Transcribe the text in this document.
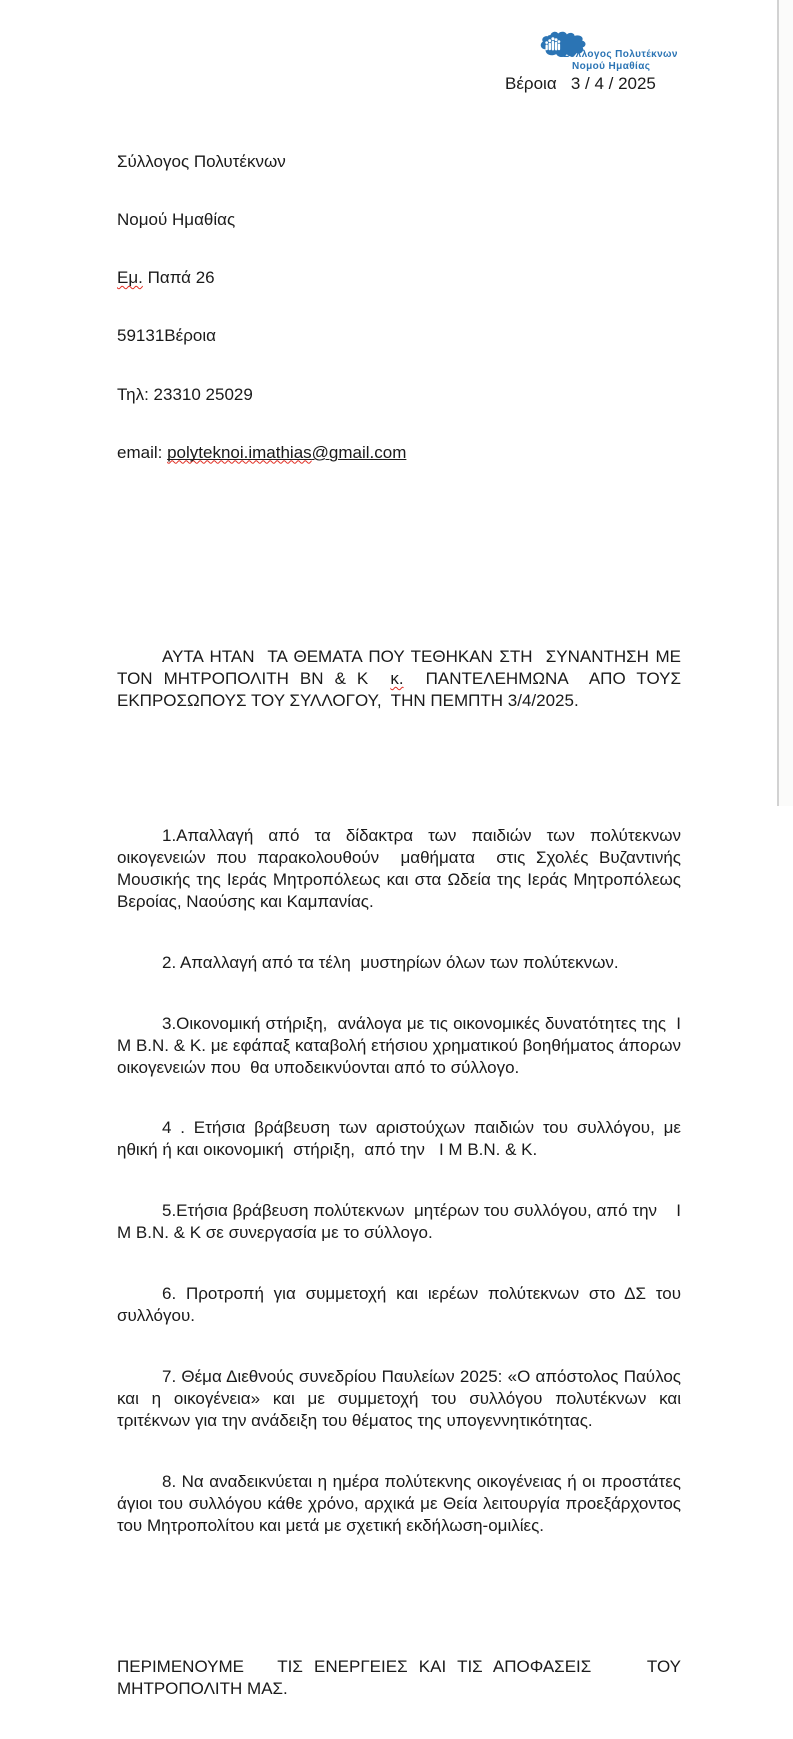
Σύλλογος Πολυτέκνων
Νομού Ημαθίας

Σύλλογος Πολυτέκνων

Νομού Ημαθίας

Εμ. Παπά 26

59131Βέροια

Τηλ: 23310 25029

email: polyteknoi.imathias@gmail.com

Βέροια   3 / 4 / 2025

ΑΥΤΑ ΗΤΑΝ  ΤΑ ΘΕΜΑΤΑ ΠΟΥ ΤΕΘΗΚΑΝ ΣΤΗ  ΣΥΝΑΝΤΗΣΗ ΜΕ   ΤΟΝ ΜΗΤΡΟΠΟΛΙΤΗ ΒΝ & Κ  κ.  ΠΑΝΤΕΛΕΗΜΩΝΑ  ΑΠΟ ΤΟΥΣ ΕΚΠΡΟΣΩΠΟΥΣ ΤΟΥ ΣΥΛΛΟΓΟΥ,  ΤΗΝ ΠΕΜΠΤΗ 3/4/2025.

1.Απαλλαγή από τα δίδακτρα των παιδιών των πολύτεκνων οικογενειών που παρακολουθούν  μαθήματα  στις Σχολές Βυζαντινής Μουσικής της Ιεράς Μητροπόλεως και στα Ωδεία της Ιεράς Μητροπόλεως Βεροίας, Ναούσης και Καμπανίας.

2. Απαλλαγή από τα τέλη  μυστηρίων όλων των πολύτεκνων.

3.Οικονομική στήριξη,  ανάλογα με τις οικονομικές δυνατότητες της  Ι Μ Β.Ν. & Κ. με εφάπαξ καταβολή ετήσιου χρηματικού βοηθήματος άπορων οικογενειών που  θα υποδεικνύονται από το σύλλογο.

4 . Ετήσια βράβευση των αριστούχων παιδιών του συλλόγου, με ηθική ή και οικονομική  στήριξη,  από την   Ι Μ Β.Ν. & Κ.

5.Ετήσια βράβευση πολύτεκνων  μητέρων του συλλόγου, από την    Ι Μ Β.Ν. & Κ σε συνεργασία με το σύλλογο.

6. Προτροπή για συμμετοχή και ιερέων πολύτεκνων στο ΔΣ του συλλόγου.

7. Θέμα Διεθνούς συνεδρίου Παυλείων 2025: «Ο απόστολος Παύλος και η οικογένεια» και με συμμετοχή του συλλόγου πολυτέκνων και τριτέκνων για την ανάδειξη του θέματος της υπογεννητικότητας.

8. Να αναδεικνύεται η ημέρα πολύτεκνης οικογένειας ή οι προστάτες άγιοι του συλλόγου κάθε χρόνο, αρχικά με Θεία λειτουργία προεξάρχοντος του Μητροπολίτου και μετά με σχετική εκδήλωση-ομιλίες.

ΠΕΡΙΜΕΝΟΥΜΕ   ΤΙΣ ΕΝΕΡΓΕΙΕΣ ΚΑΙ ΤΙΣ ΑΠΟΦΑΣΕΙΣ     ΤΟΥ ΜΗΤΡΟΠΟΛΙΤΗ ΜΑΣ.
